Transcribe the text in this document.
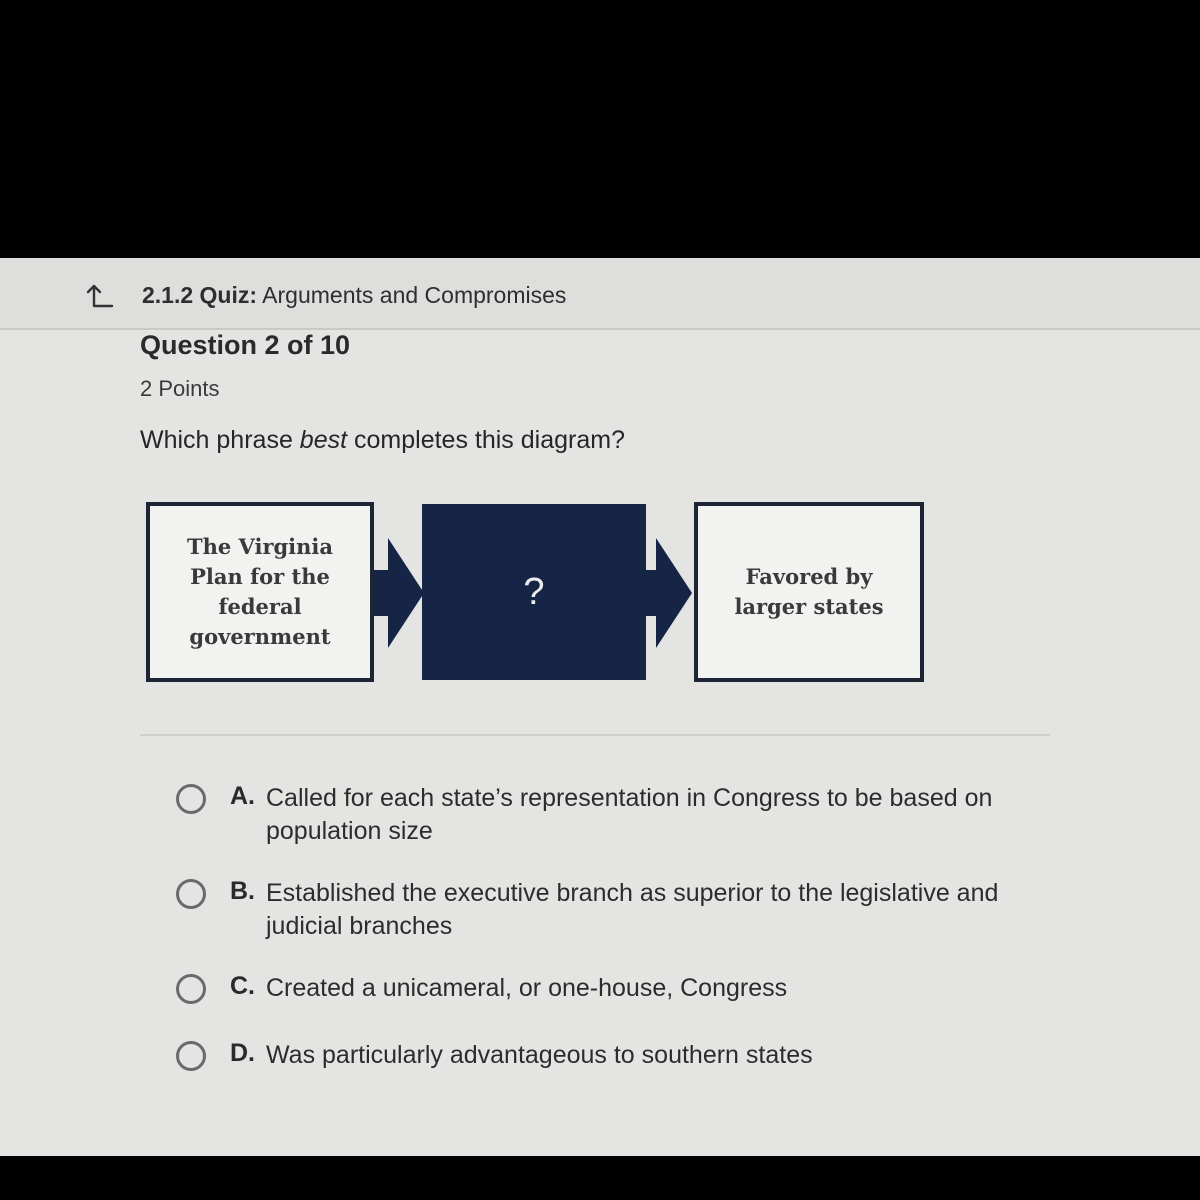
2.1.2 Quiz: Arguments and Compromises
Question 2 of 10
2 Points
Which phrase best completes this diagram?
The Virginia Plan for the federal government
?	Favored by larger states
A. Called for each state’s representation in Congress to be based on population size
B. Established the executive branch as superior to the legislative and judicial branches
C. Created a unicameral, or one-house, Congress
D. Was particularly advantageous to southern states
